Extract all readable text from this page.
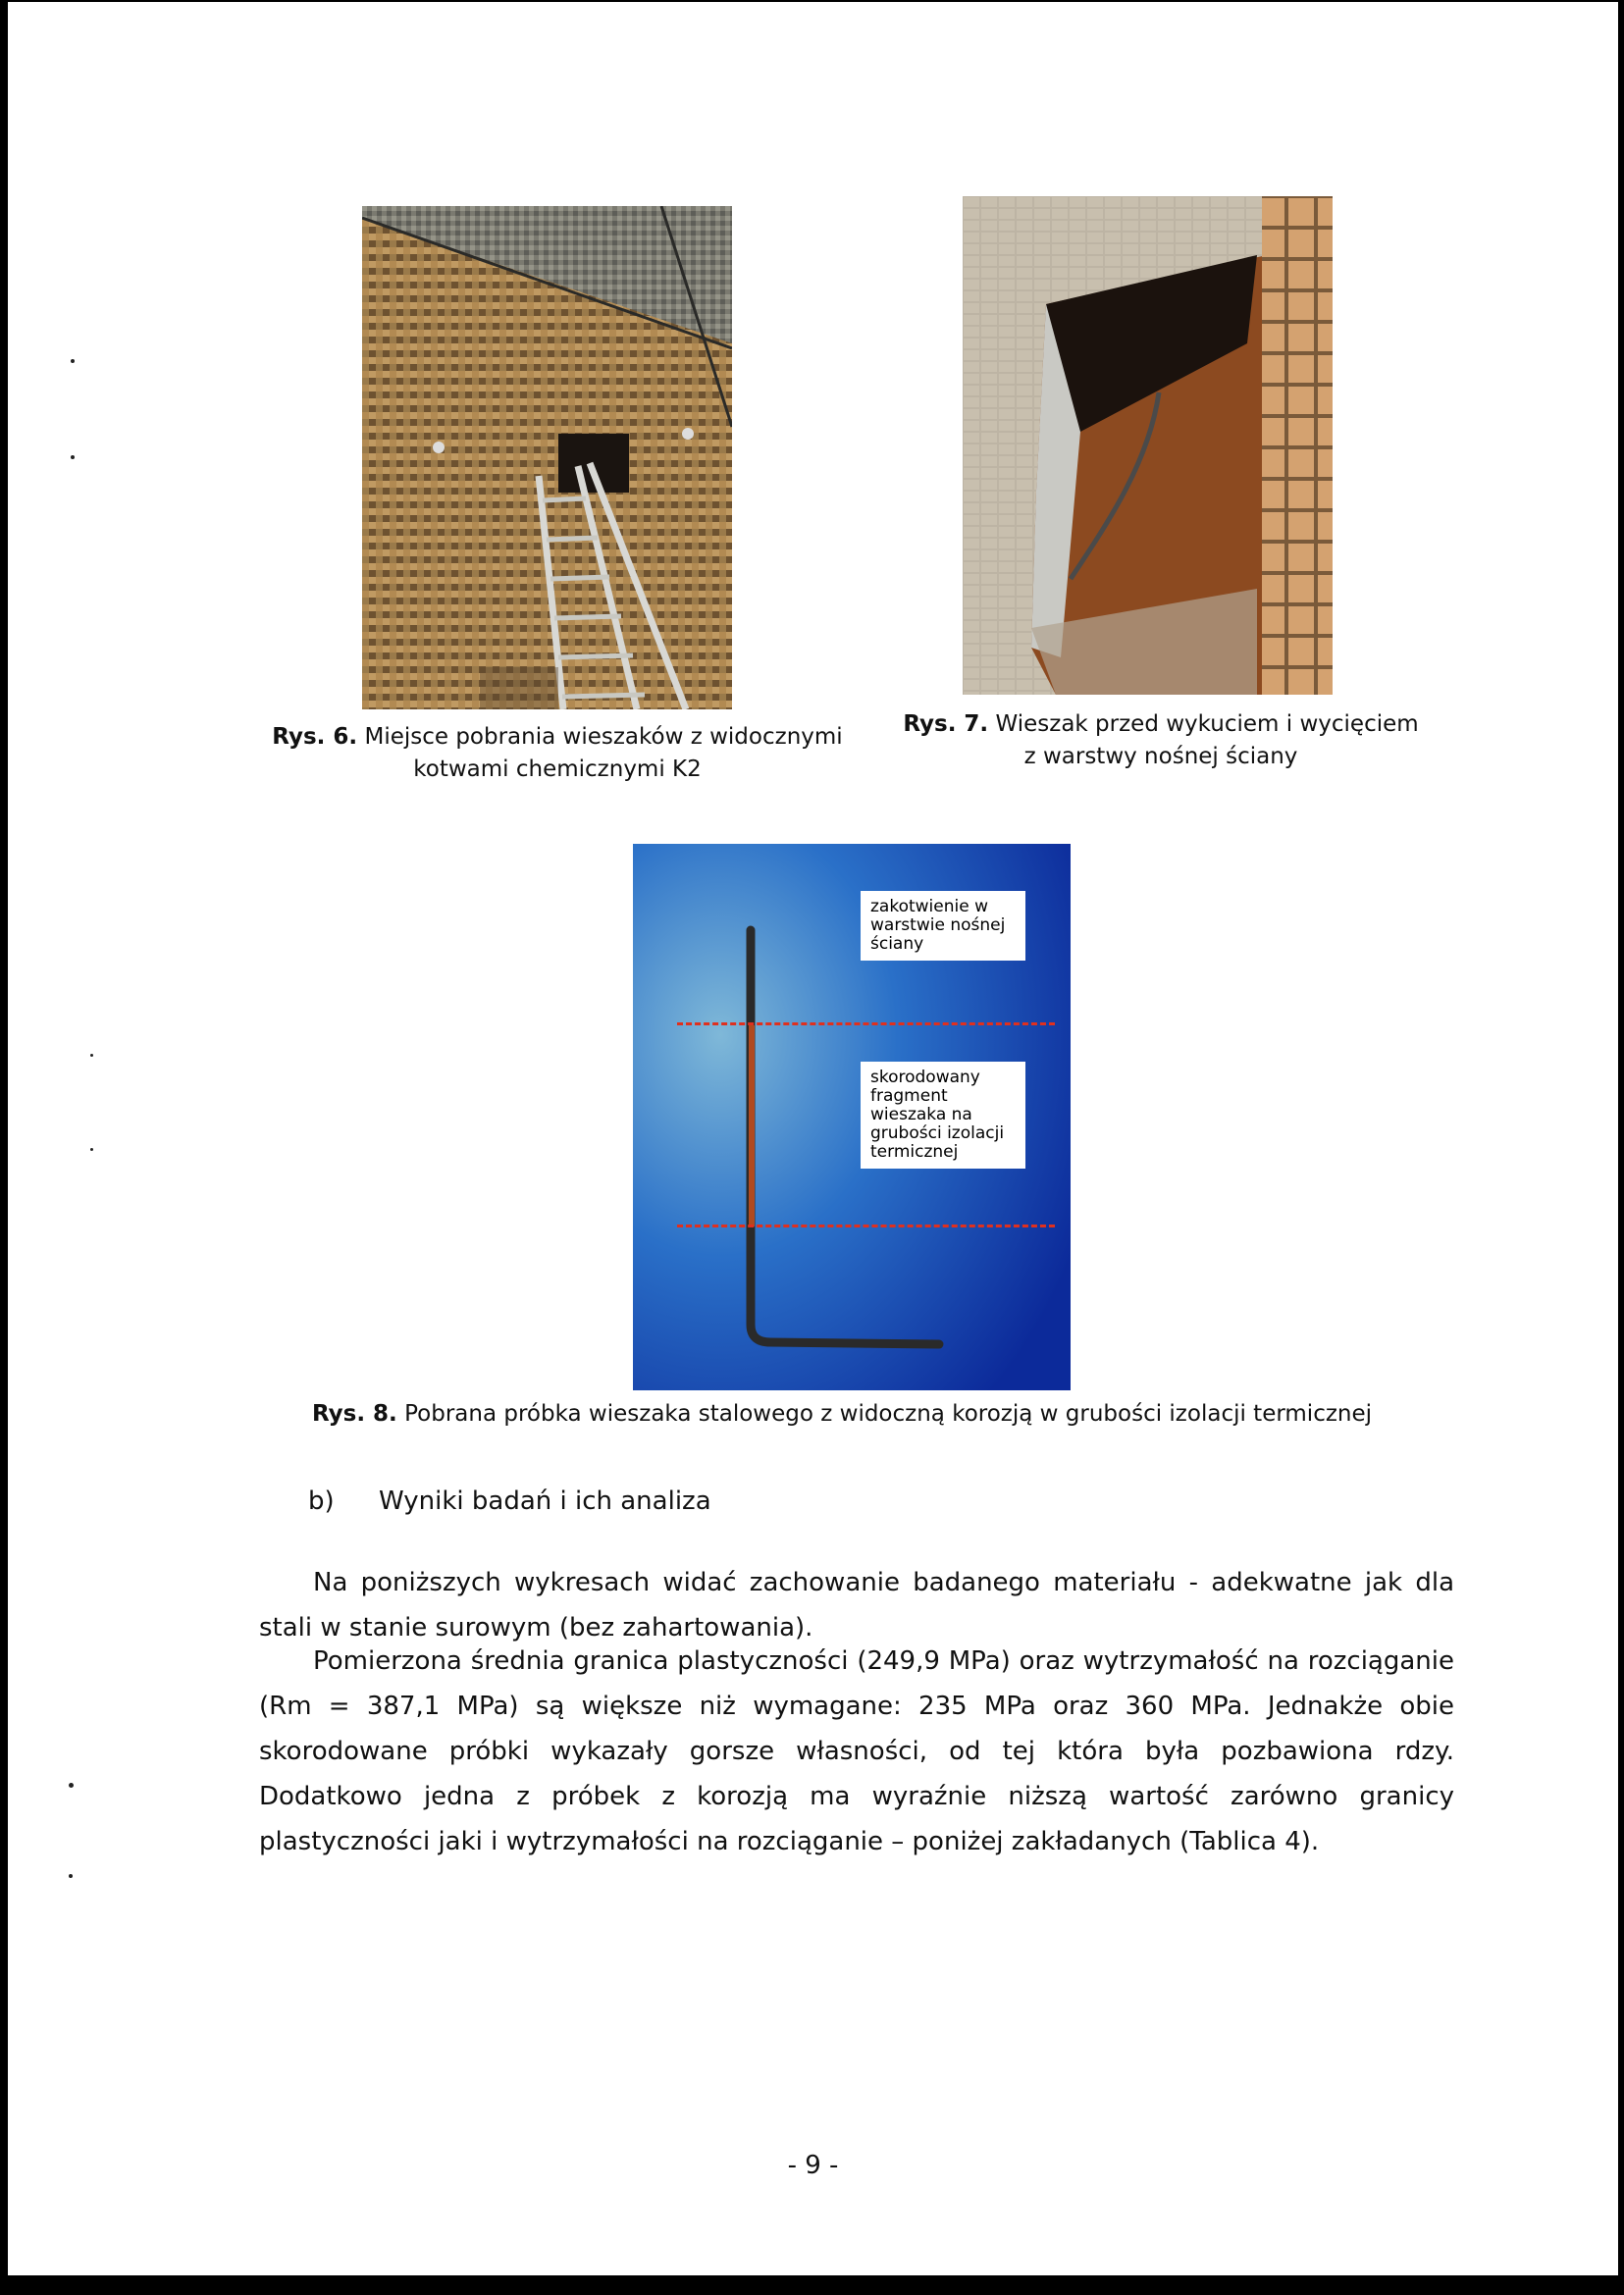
Rys. 6. Miejsce pobrania wieszaków z widocznymi
kotwami chemicznymi K2
Rys. 7. Wieszak przed wykuciem i wycięciem
z warstwy nośnej ściany
zakotwienie w warstwie nośnej ściany
skorodowany fragment wieszaka na grubości izolacji termicznej
Rys. 8. Pobrana próbka wieszaka stalowego z widoczną korozją w grubości izolacji termicznej
b) Wyniki badań i ich analiza

Na poniższych wykresach widać zachowanie badanego materiału - adekwatne jak dla stali w stanie surowym (bez zahartowania).

Pomierzona średnia granica plastyczności (249,9 MPa) oraz wytrzymałość na rozciąganie (Rm = 387,1 MPa) są większe niż wymagane: 235 MPa oraz 360 MPa. Jednakże obie skorodowane próbki wykazały gorsze własności, od tej która była pozbawiona rdzy. Dodatkowo jedna z próbek z korozją ma wyraźnie niższą wartość zarówno granicy plastyczności jaki i wytrzymałości na rozciąganie – poniżej zakładanych (Tablica 4).

- 9 -
